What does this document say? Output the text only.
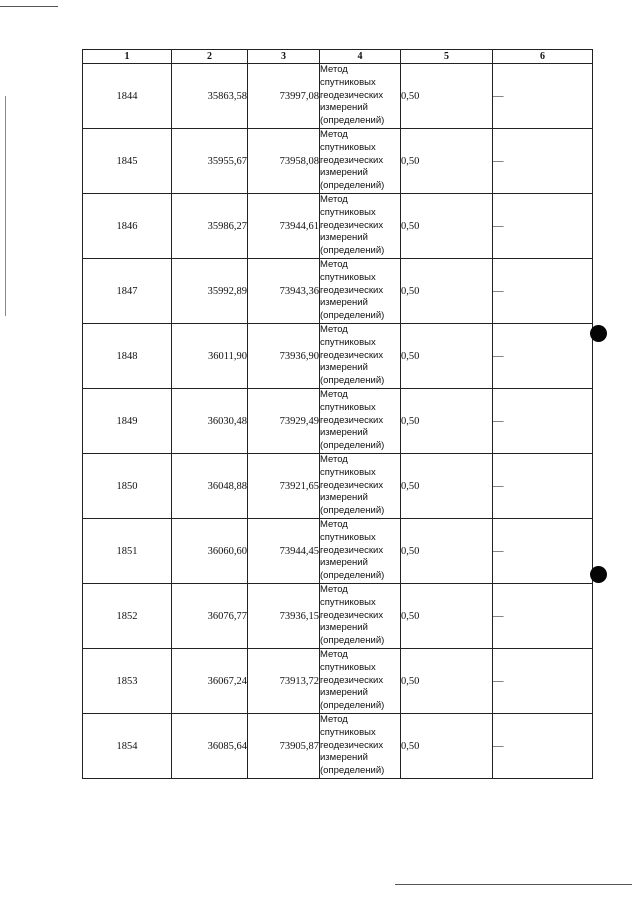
1	2	3	4	5	6
1844	35863,58	73997,08	Метод
спутниковых
геодезических
измерений
(определений)	0,50	—
1845	35955,67	73958,08	Метод
спутниковых
геодезических
измерений
(определений)	0,50	—
1846	35986,27	73944,61	Метод
спутниковых
геодезических
измерений
(определений)	0,50	—
1847	35992,89	73943,36	Метод
спутниковых
геодезических
измерений
(определений)	0,50	—
1848	36011,90	73936,90	Метод
спутниковых
геодезических
измерений
(определений)	0,50	—
1849	36030,48	73929,49	Метод
спутниковых
геодезических
измерений
(определений)	0,50	—
1850	36048,88	73921,65	Метод
спутниковых
геодезических
измерений
(определений)	0,50	—
1851	36060,60	73944,45	Метод
спутниковых
геодезических
измерений
(определений)	0,50	—
1852	36076,77	73936,15	Метод
спутниковых
геодезических
измерений
(определений)	0,50	—
1853	36067,24	73913,72	Метод
спутниковых
геодезических
измерений
(определений)	0,50	—
1854	36085,64	73905,87	Метод
спутниковых
геодезических
измерений
(определений)	0,50	—
